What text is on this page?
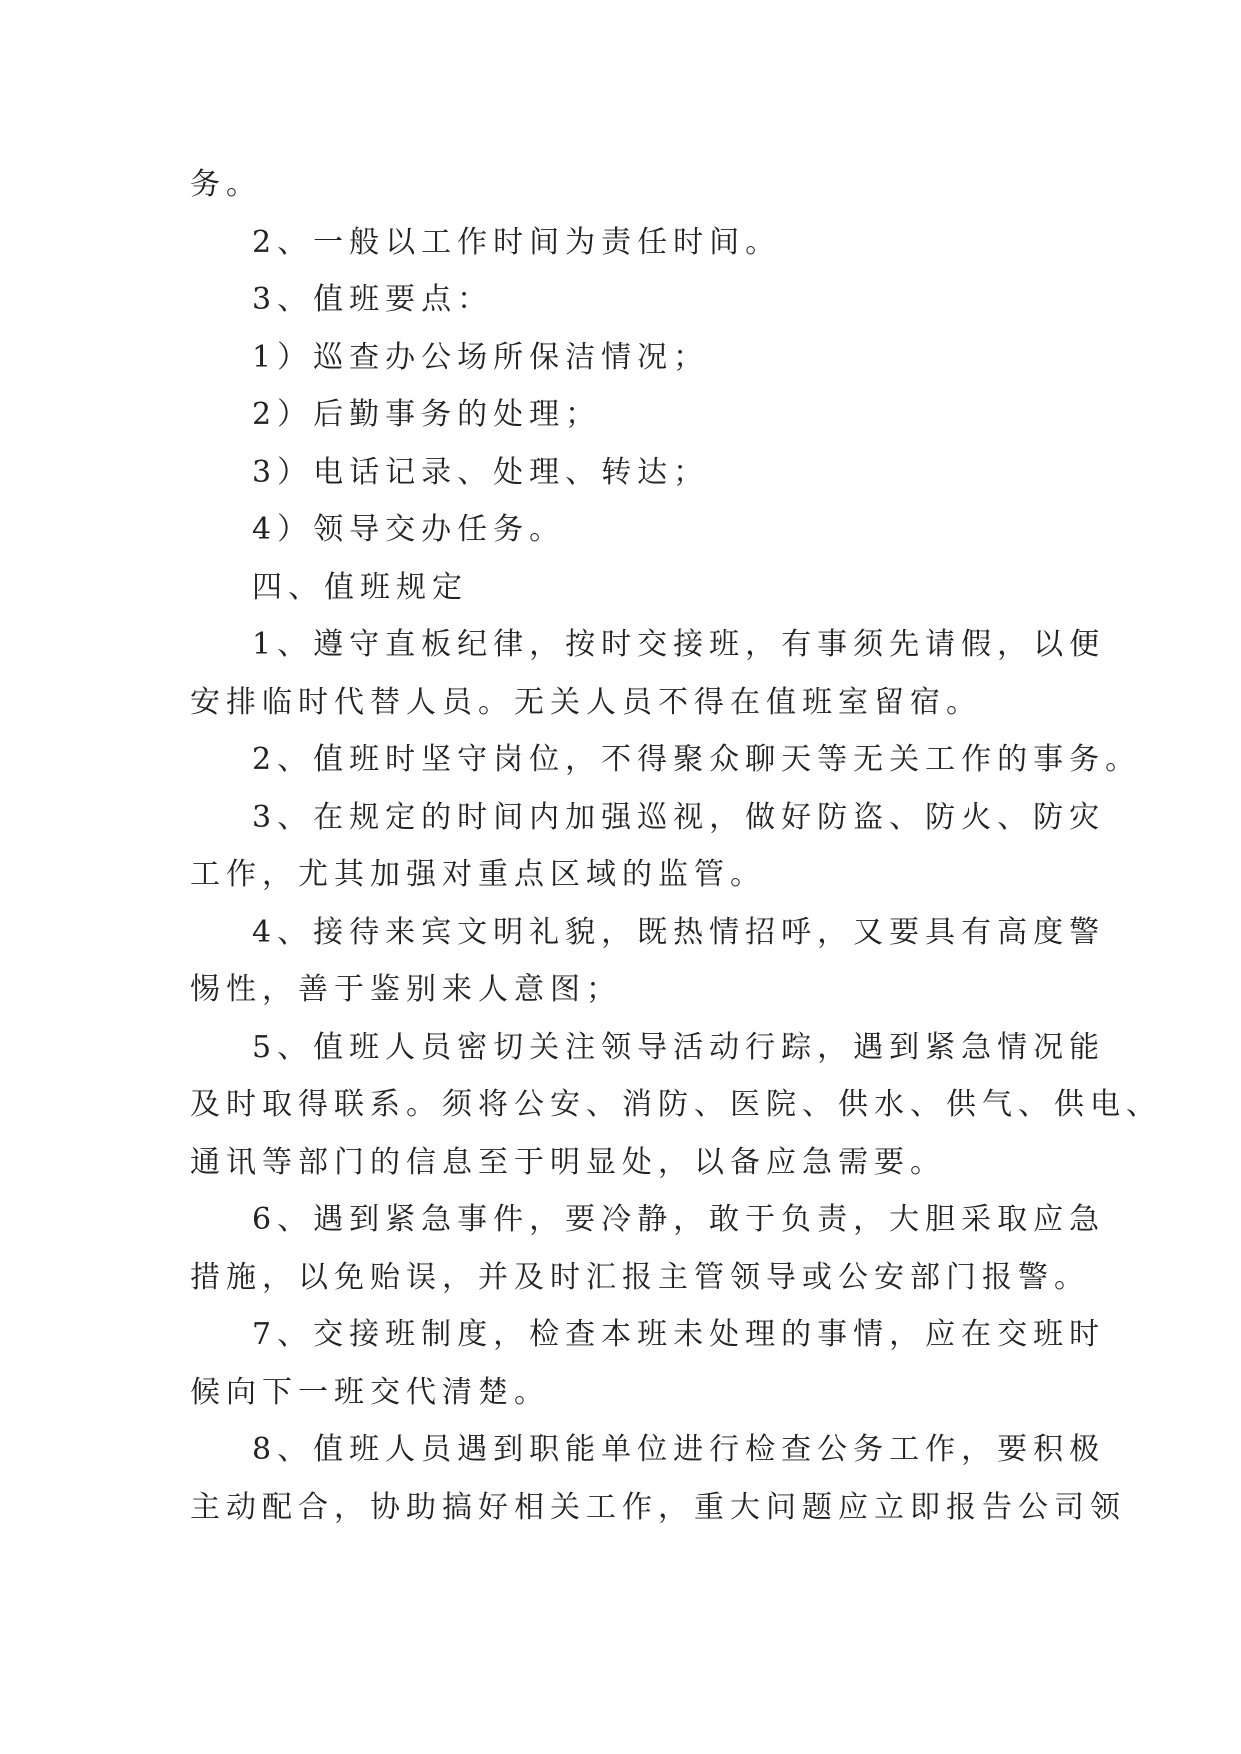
务。
2、一般以工作时间为责任时间。
3、值班要点：
1）巡查办公场所保洁情况；
2）后勤事务的处理；
3）电话记录、处理、转达；
4）领导交办任务。
四、值班规定
1、遵守直板纪律，按时交接班，有事须先请假，以便
安排临时代替人员。无关人员不得在值班室留宿。
2、值班时坚守岗位，不得聚众聊天等无关工作的事务。
3、在规定的时间内加强巡视，做好防盗、防火、防灾
工作，尤其加强对重点区域的监管。
4、接待来宾文明礼貌，既热情招呼，又要具有高度警
惕性，善于鉴别来人意图；
5、值班人员密切关注领导活动行踪，遇到紧急情况能
及时取得联系。须将公安、消防、医院、供水、供气、供电、
通讯等部门的信息至于明显处，以备应急需要。
6、遇到紧急事件，要冷静，敢于负责，大胆采取应急
措施，以免贻误，并及时汇报主管领导或公安部门报警。
7、交接班制度，检查本班未处理的事情，应在交班时
候向下一班交代清楚。
8、值班人员遇到职能单位进行检查公务工作，要积极
主动配合，协助搞好相关工作，重大问题应立即报告公司领
